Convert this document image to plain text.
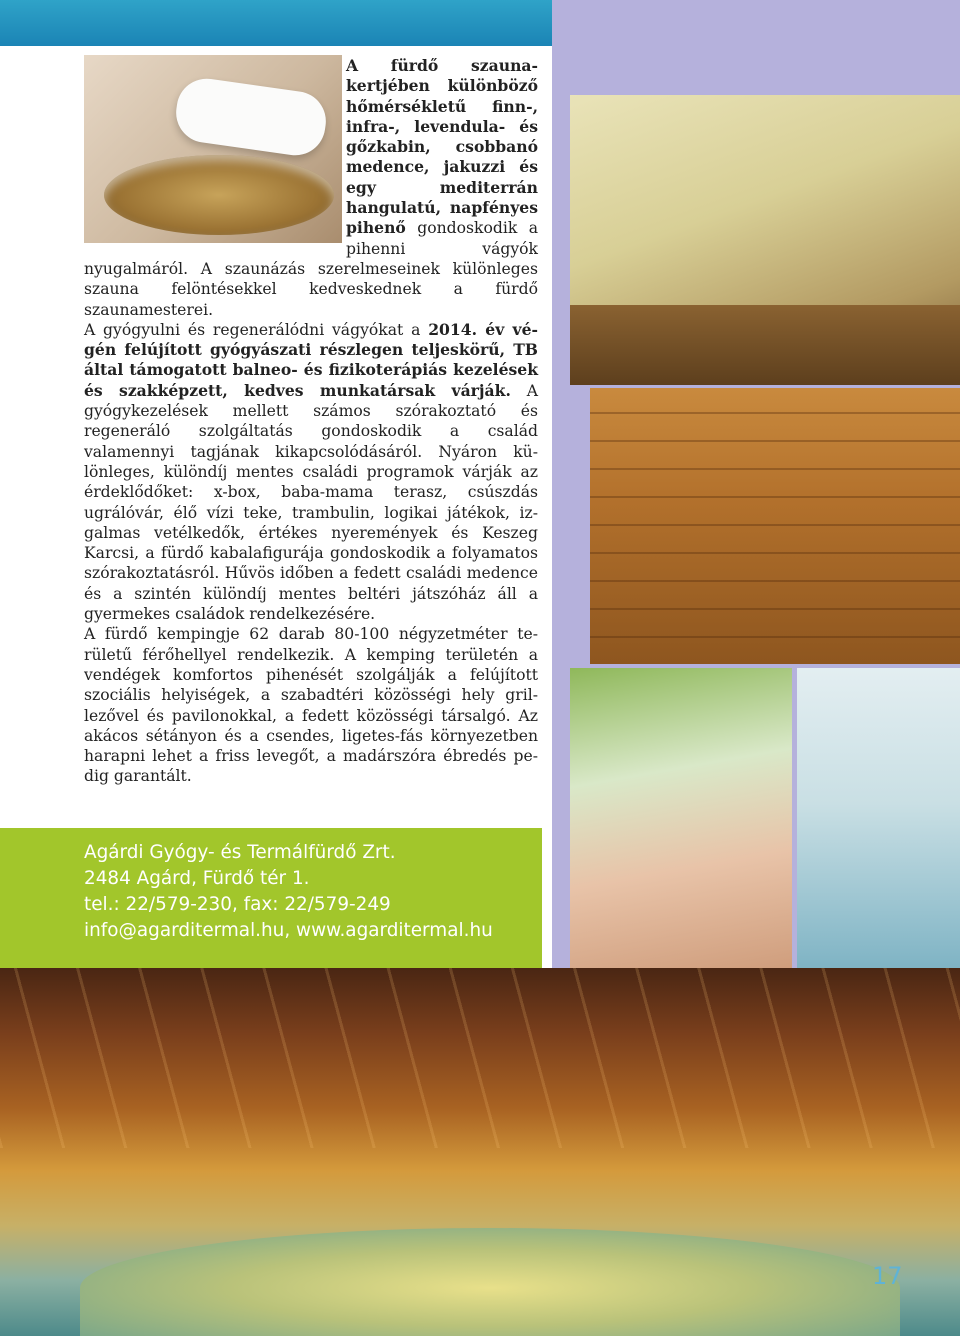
A fürdő szaunakertjében különböző hőmérsékletű finn-, infra-, levendula- és gőzkabin, csobbanó medence, jakuzzi és egy mediterrán hangulatú, napfényes pihenő gondoskodik a pihenni vágyók nyugalmáról. A szaunázás szerelmeseinek különleges szauna felöntésekkel kedveskednek a fürdő szaunamesterei.

A gyógyulni és regenerálódni vágyókat a 2014. év végén felújított gyógyászati részlegen teljeskörű, TB által támogatott balneo- és fizikoterápiás kezelések és szakképzett, kedves munkatársak várják. A gyógykezelések mellett számos szórakoztató és regeneráló szolgáltatás gondoskodik a család valamennyi tagjának kikapcsolódásáról. Nyáron különleges, különdíj mentes családi programok várják az érdeklődőket: x-box, baba-mama terasz, csúszdás ugrálóvár, élő vízi teke, trambulin, logikai játékok, izgalmas vetélkedők, értékes nyeremények és Keszeg Karcsi, a fürdő kabalafigurája gondoskodik a folyamatos szórakoztatásról. Hűvös időben a fedett családi medence és a szintén különdíj mentes beltéri játszóház áll a gyermekes családok rendelkezésére.

A fürdő kempingje 62 darab 80-100 négyzetméter területű férőhellyel rendelkezik. A kemping területén a vendégek komfortos pihenését szolgálják a felújított szociális helyiségek, a szabadtéri közösségi hely grillezővel és pavilonokkal, a fedett közösségi társalgó. Az akácos sétányon és a csendes, ligetes-fás környezetben harapni lehet a friss levegőt, a madárszóra ébredés pedig garantált.

Agárdi Gyógy- és Termálfürdő Zrt.
2484 Agárd, Fürdő tér 1.
tel.: 22/579-230, fax: 22/579-249
info@agarditermal.hu, www.agarditermal.hu
17
